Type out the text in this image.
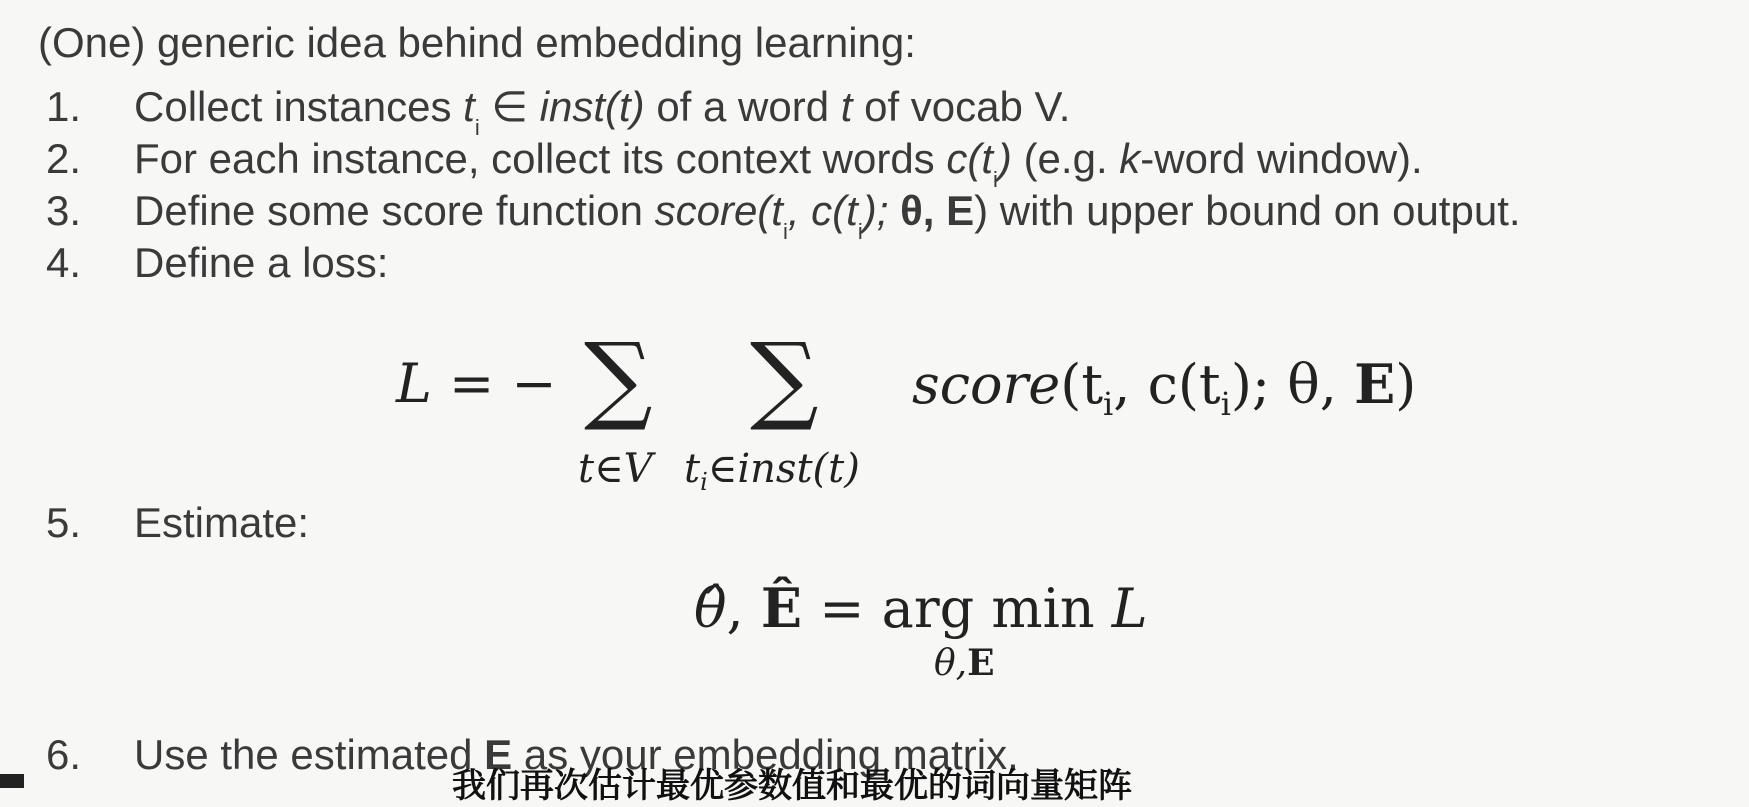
(One) generic idea behind embedding learning:
1. Collect instances $t_i$ ∈ inst(t) of a word t of vocab V.
2. For each instance, collect its context words $c(t_i)$ (e.g. k-word window).
3. Define some score function $score(t_i$, $c(t_i)$; θ, E) with upper bound on output.
4. Define a loss:
L = − ∑ ∑
t∈V $t_i\in inst(t)$
$score(t_i$, $c(t_i)$; θ, E)
5. Estimate:
θ̂, Ê = arg min L
θ,E
6. Use the estimated E as your embedding matrix.
我们再次估计最优参数值和最优的词向量矩阵
